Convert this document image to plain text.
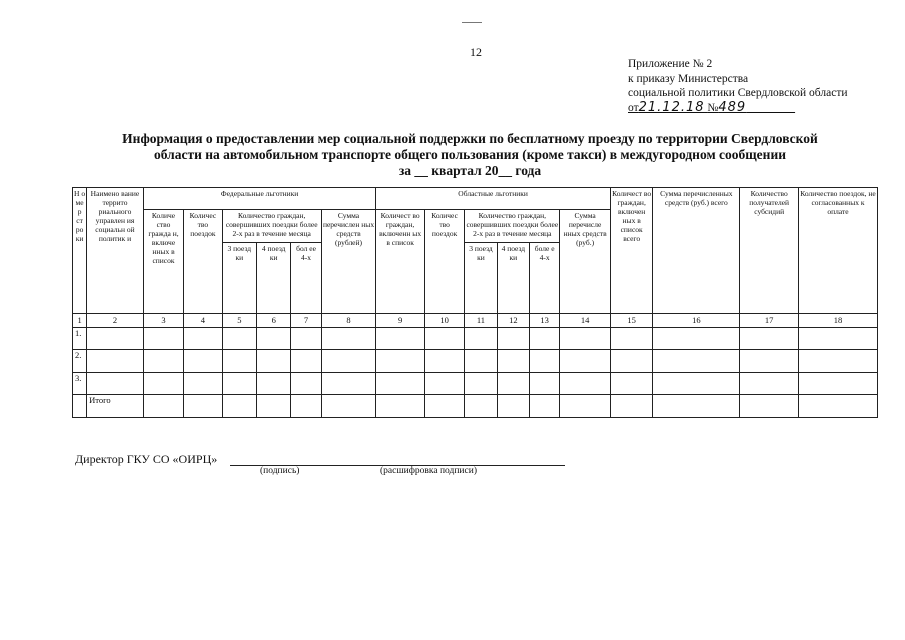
12
Приложение № 2
к приказу Министерства
социальной политики Свердловской области
от21.12.18 №489
Информация о предоставлении мер социальной поддержки по бесплатному проезду по территории Свердловской
области на автомобильном транспорте общего пользования (кроме такси) в междугородном сообщении
за __ квартал 20__ года
Н о ме р ст ро ки	Наимено вание террито риального управлен ия социальн ой политик и	Федеральные льготники						Областные льготники						Количест во граждан, включен ных в список всего	Сумма перечисленных средств (руб.) всего	Количество получателей субсидий	Количество поездок, не согласованных к оплате
		Количе ство гражда н, включе нных в список	Количес тво поездок	Количество граждан, совершивших поездки более 2-х раз в течение месяца			Сумма перечислен ных средств (рублей)	Количест во граждан, включенн ых в список	Количес тво поездок	Количество граждан, совершивших поездки более 2-х раз в течение месяца			Сумма перечисле нных средств (руб.)				

				3 поезд ки	4 поезд ки	бол ее 4-х				3 поезд ки	4 поезд ки	боле е 4-х					
1	2	3	4	5	6	7	8	9	10	11	12	13	14	15	16	17	18
1.																	
2.																	
3.																	
	Итого																
Директор ГКУ СО «ОИРЦ»
(подпись)	(расшифровка подписи)
